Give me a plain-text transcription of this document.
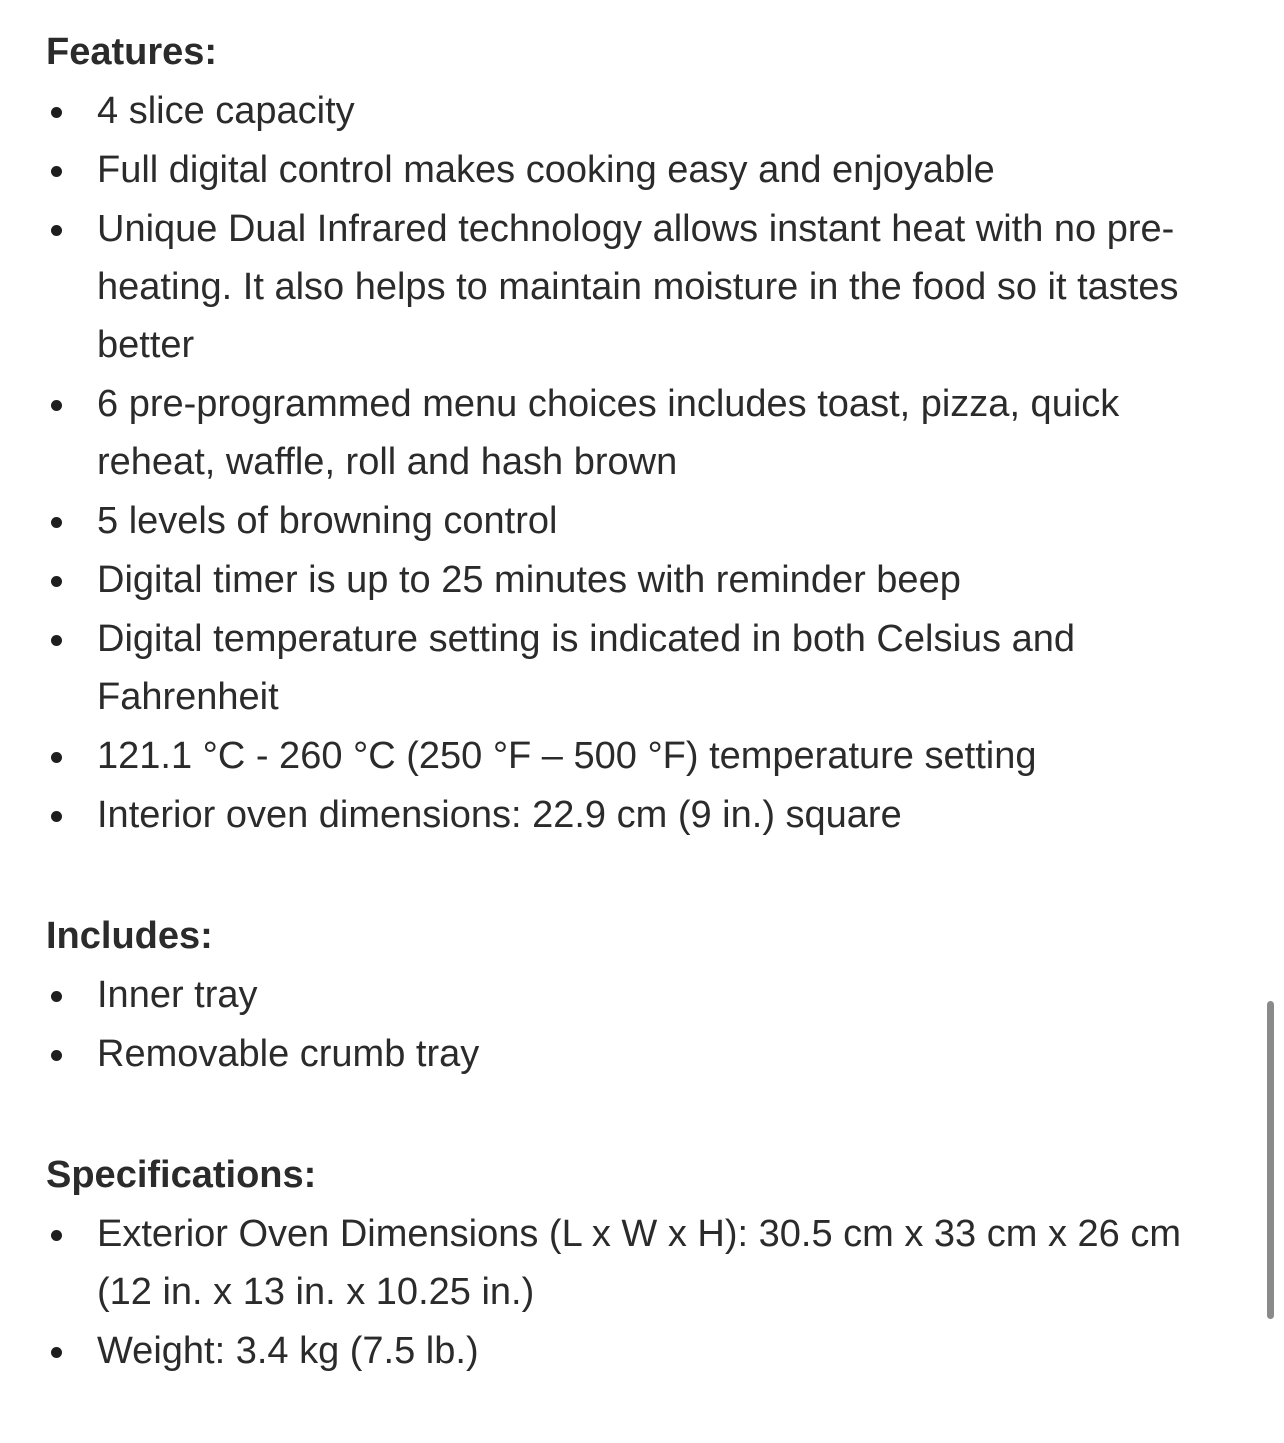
Features:
4 slice capacity
Full digital control makes cooking easy and enjoyable
Unique Dual Infrared technology allows instant heat with no pre-heating. It also helps to maintain moisture in the food so it tastes better
6 pre-programmed menu choices includes toast, pizza, quick reheat, waffle, roll and hash brown
5 levels of browning control
Digital timer is up to 25 minutes with reminder beep
Digital temperature setting is indicated in both Celsius and Fahrenheit
121.1 °C - 260 °C (250 °F – 500 °F) temperature setting
Interior oven dimensions: 22.9 cm (9 in.) square
Includes:
Inner tray
Removable crumb tray
Specifications:
Exterior Oven Dimensions (L x W x H): 30.5 cm x 33 cm x 26 cm (12 in. x 13 in. x 10.25 in.)
Weight: 3.4 kg (7.5 lb.)
